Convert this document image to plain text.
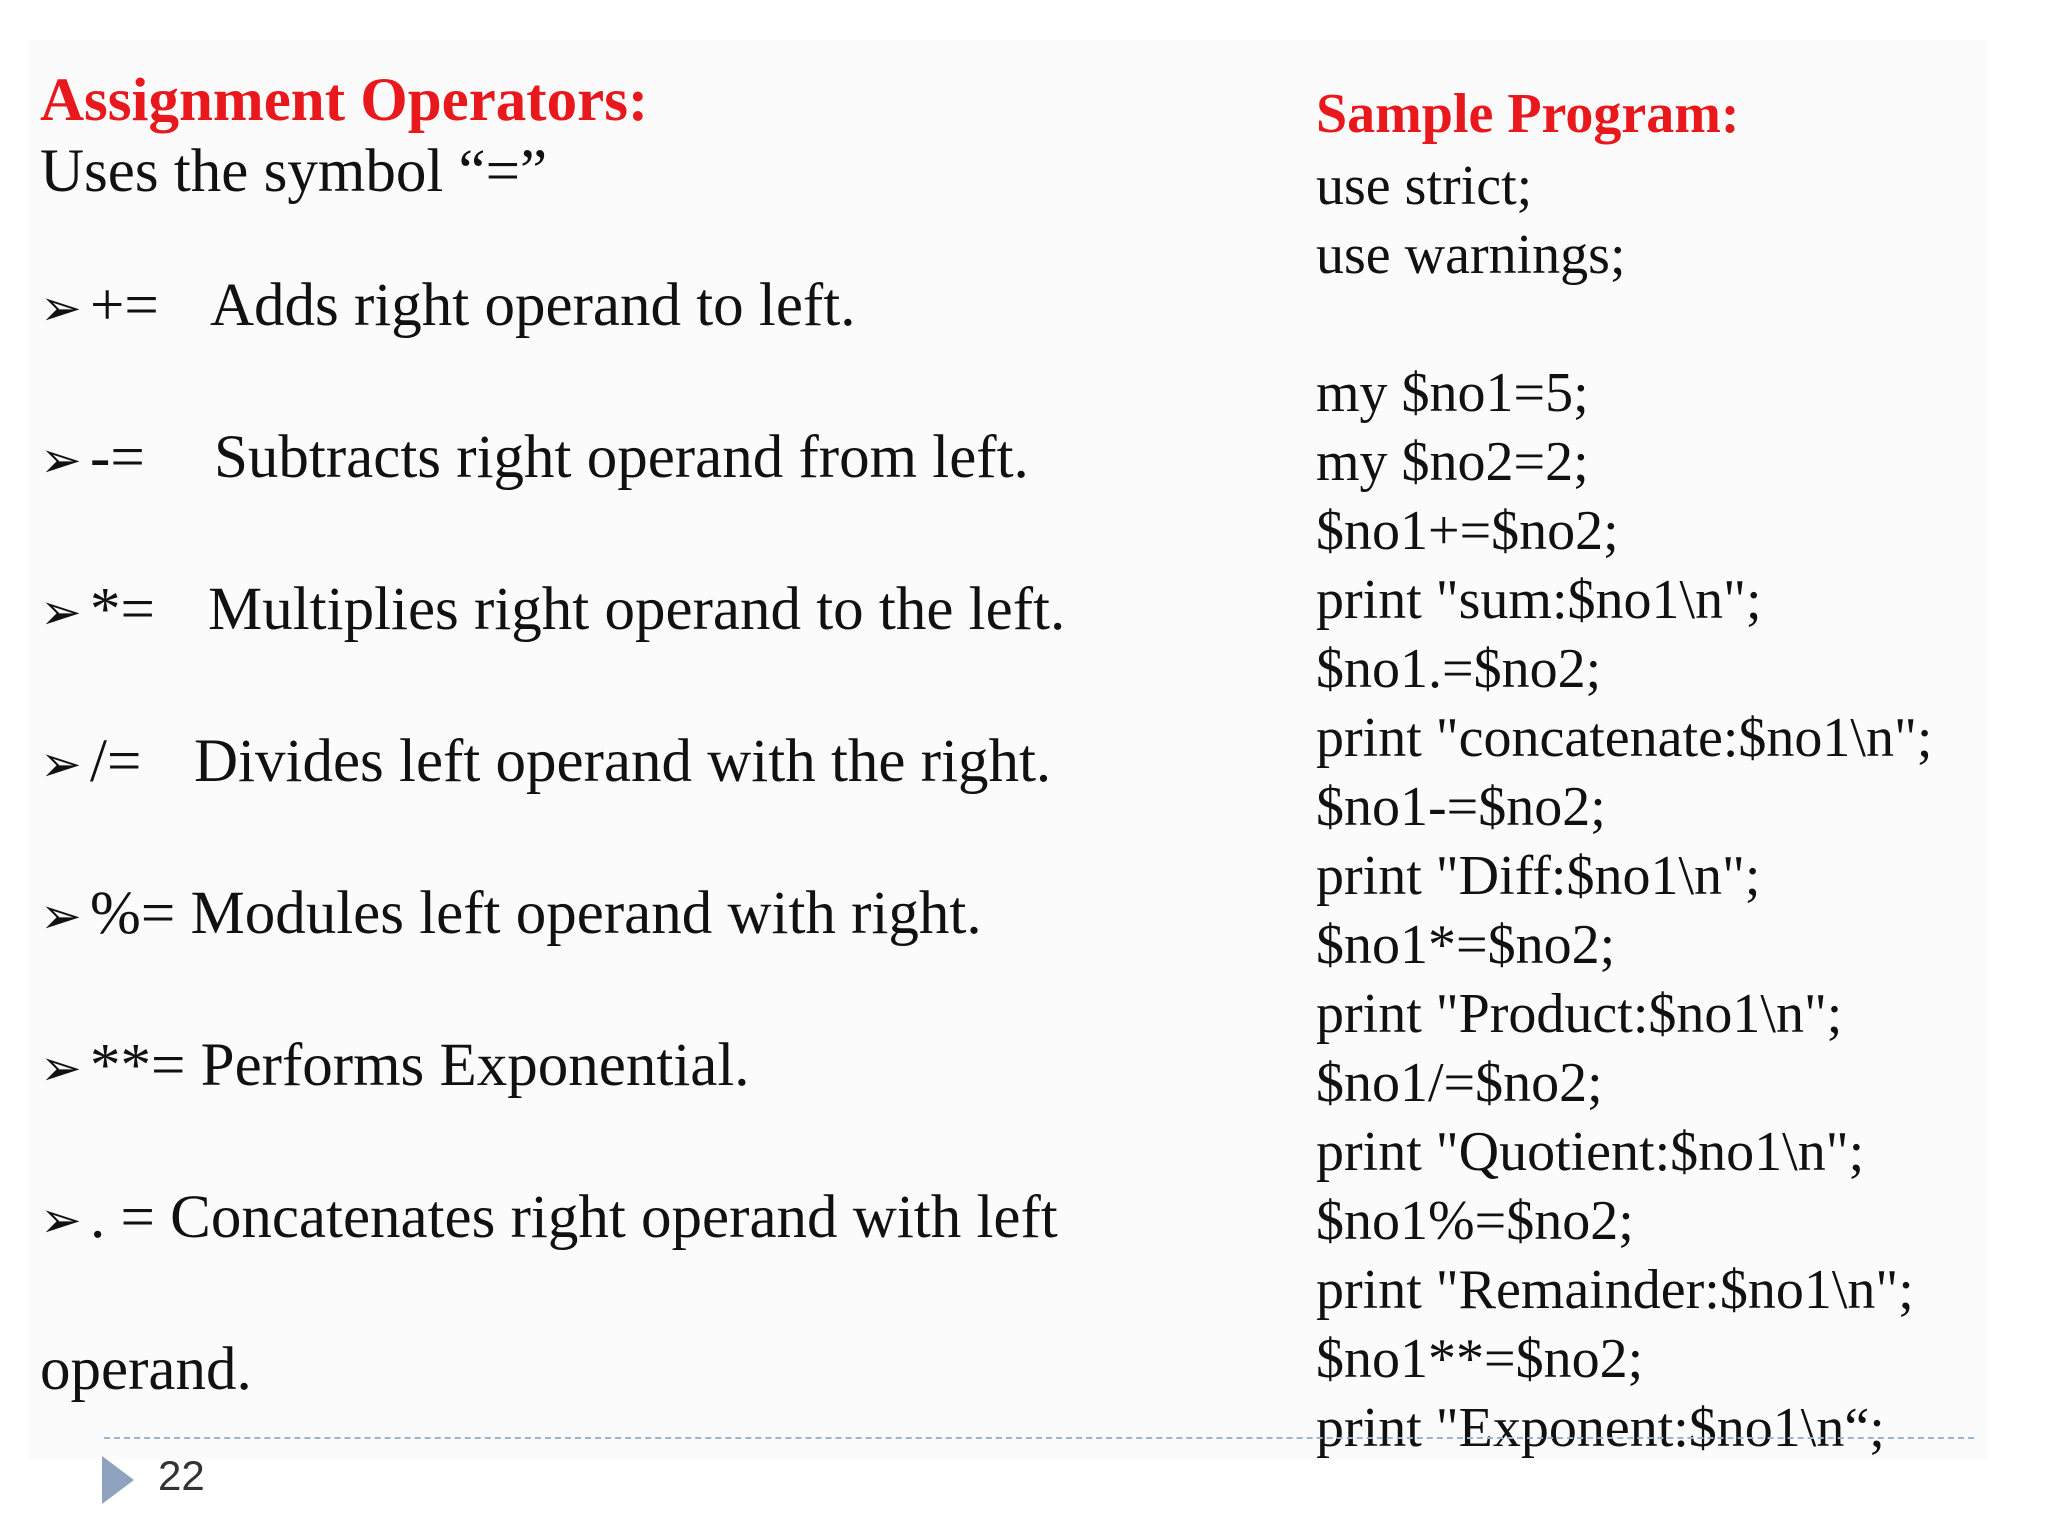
Assignment Operators:
Uses the symbol “=”
➢ += Adds right operand to left.
➢-= Subtracts right operand from left.
➢ *= Multiplies right operand to the left.
➢ /= Divides left operand with the right.
➢ %= Modules left operand with right.
➢ **= Performs Exponential.
➢ . = Concatenates right operand with left
operand.
Sample Program:
use strict;
use warnings;
my $no1=5;
my $no2=2;
$no1+=$no2;
print "sum:$no1\n";
$no1.=$no2;
print "concatenate:$no1\n";
$no1-=$no2;
print "Diff:$no1\n";
$no1*=$no2;
print "Product:$no1\n";
$no1/=$no2;
print "Quotient:$no1\n";
$no1%=$no2;
print "Remainder:$no1\n";
$no1**=$no2;
print "Exponent:$no1\n“;
22
